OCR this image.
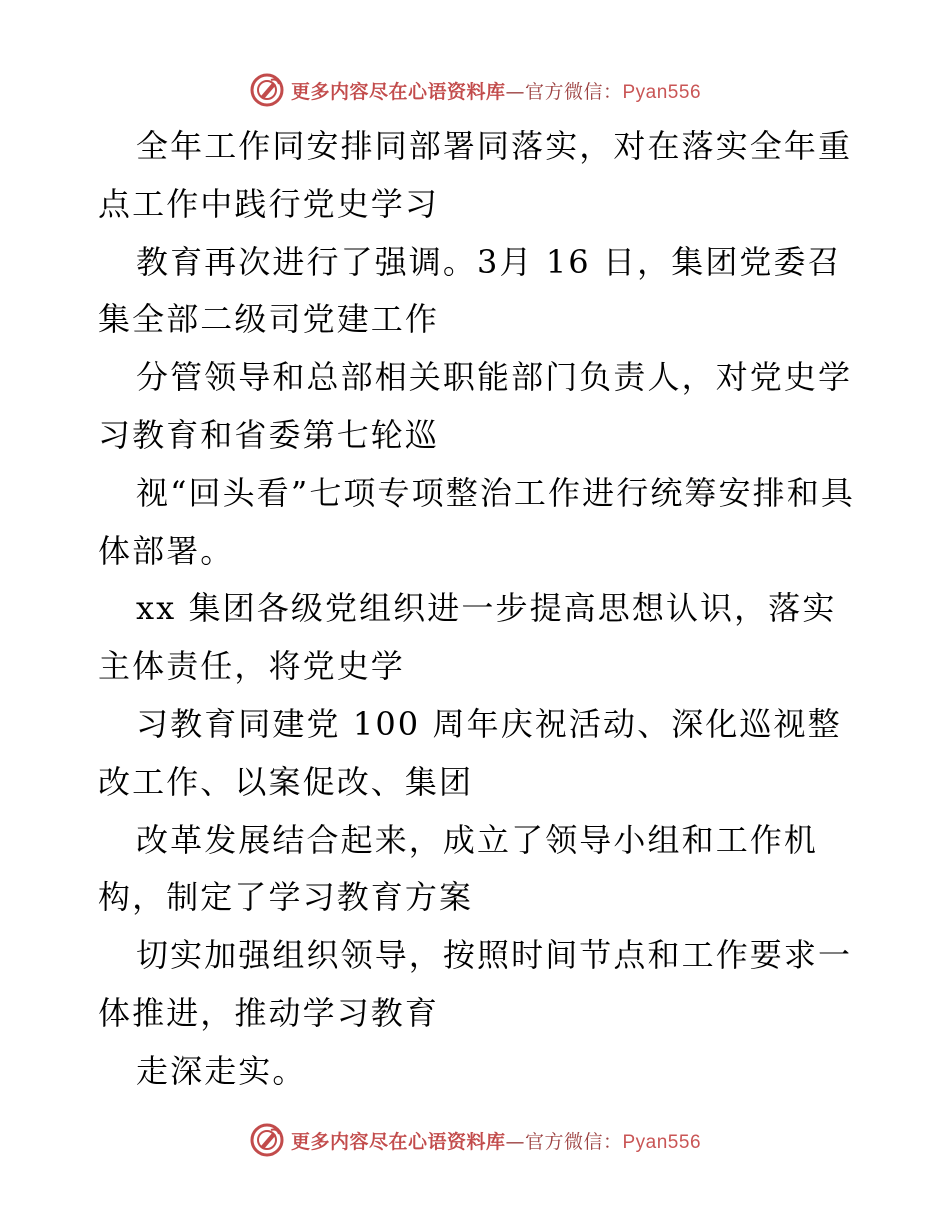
更多内容尽在心语资料库—官方微信：Pyan556

全年工作同安排同部署同落实，对在落实全年重点工作中践行党史学习

教育再次进行了强调。3月 16 日，集团党委召集全部二级司党建工作

分管领导和总部相关职能部门负责人，对党史学习教育和省委第七轮巡

视“回头看”七项专项整治工作进行统筹安排和具体部署。

xx 集团各级党组织进一步提高思想认识，落实主体责任，将党史学

习教育同建党 100 周年庆祝活动、深化巡视整改工作、以案促改、集团

改革发展结合起来，成立了领导小组和工作机构，制定了学习教育方案

切实加强组织领导，按照时间节点和工作要求一体推进，推动学习教育

走深走实。

更多内容尽在心语资料库—官方微信：Pyan556
